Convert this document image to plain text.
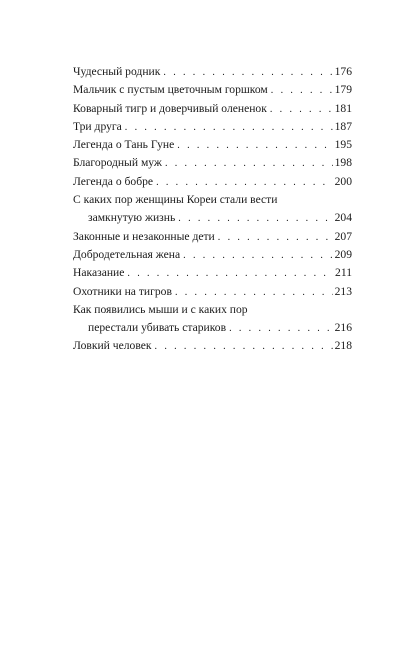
Чудесный родник . . .	176
Мальчик с пустым цветочным горшком . . .	179
Коварный тигр и доверчивый олененок . . .	181
Три друга . . .	187
Легенда о Тань Гуне . . .	195
Благородный муж . . .	198
Легенда о бобре . . .	200
С каких пор женщины Кореи стали вести
замкнутую жизнь . . .	204
Законные и незаконные дети . . .	207
Добродетельная жена . . .	209
Наказание . . .	211
Охотники на тигров . . .	213
Как появились мыши и с каких пор
перестали убивать стариков . . .	216
Ловкий человек . . .	218
